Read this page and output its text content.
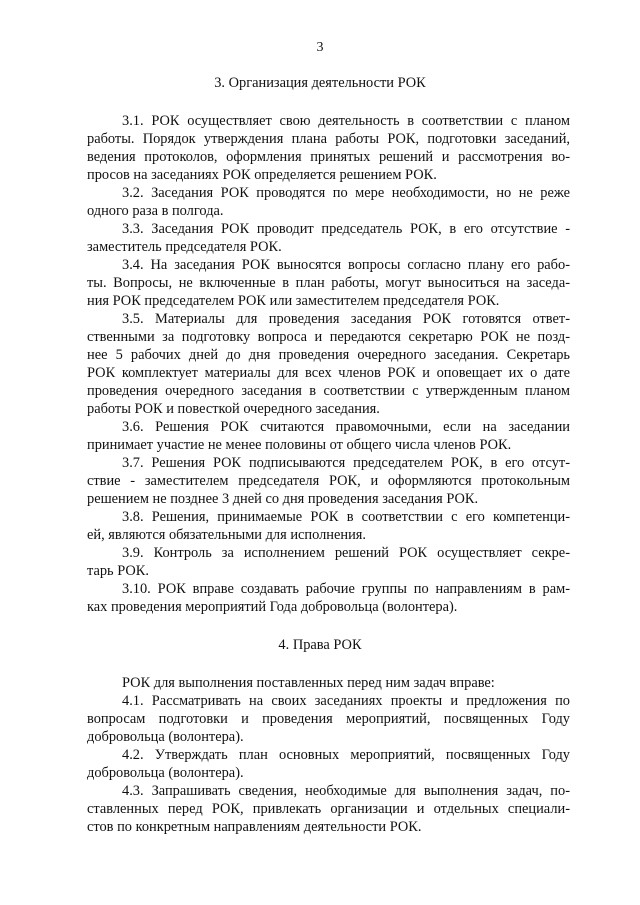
3
3. Организация деятельности РОК
3.1. РОК осуществляет свою деятельность в соответствии с планом
работы. Порядок утверждения плана работы РОК, подготовки заседаний,
ведения протоколов, оформления принятых решений и рассмотрения во-
просов на заседаниях РОК определяется решением РОК.
3.2. Заседания РОК проводятся по мере необходимости, но не реже
одного раза в полгода.
3.3. Заседания РОК проводит председатель РОК, в его отсутствие -
заместитель председателя РОК.
3.4. На заседания РОК выносятся вопросы согласно плану его рабо-
ты. Вопросы, не включенные в план работы, могут выноситься на заседа-
ния РОК председателем РОК или заместителем председателя РОК.
3.5. Материалы для проведения заседания РОК готовятся ответ-
ственными за подготовку вопроса и передаются секретарю РОК не позд-
нее 5 рабочих дней до дня проведения очередного заседания. Секретарь
РОК комплектует материалы для всех членов РОК и оповещает их о дате
проведения очередного заседания в соответствии с утвержденным планом
работы РОК и повесткой очередного заседания.
3.6. Решения РОК считаются правомочными, если на заседании
принимает участие не менее половины от общего числа членов РОК.
3.7. Решения РОК подписываются председателем РОК, в его отсут-
ствие - заместителем председателя РОК, и оформляются протокольным
решением не позднее 3 дней со дня проведения заседания РОК.
3.8. Решения, принимаемые РОК в соответствии с его компетенци-
ей, являются обязательными для исполнения.
3.9. Контроль за исполнением решений РОК осуществляет секре-
тарь РОК.
3.10. РОК вправе создавать рабочие группы по направлениям в рам-
ках проведения мероприятий Года добровольца (волонтера).
4. Права РОК
РОК для выполнения поставленных перед ним задач вправе:
4.1. Рассматривать на своих заседаниях проекты и предложения по
вопросам подготовки и проведения мероприятий, посвященных Году
добровольца (волонтера).
4.2. Утверждать план основных мероприятий, посвященных Году
добровольца (волонтера).
4.3. Запрашивать сведения, необходимые для выполнения задач, по-
ставленных перед РОК, привлекать организации и отдельных специали-
стов по конкретным направлениям деятельности РОК.
